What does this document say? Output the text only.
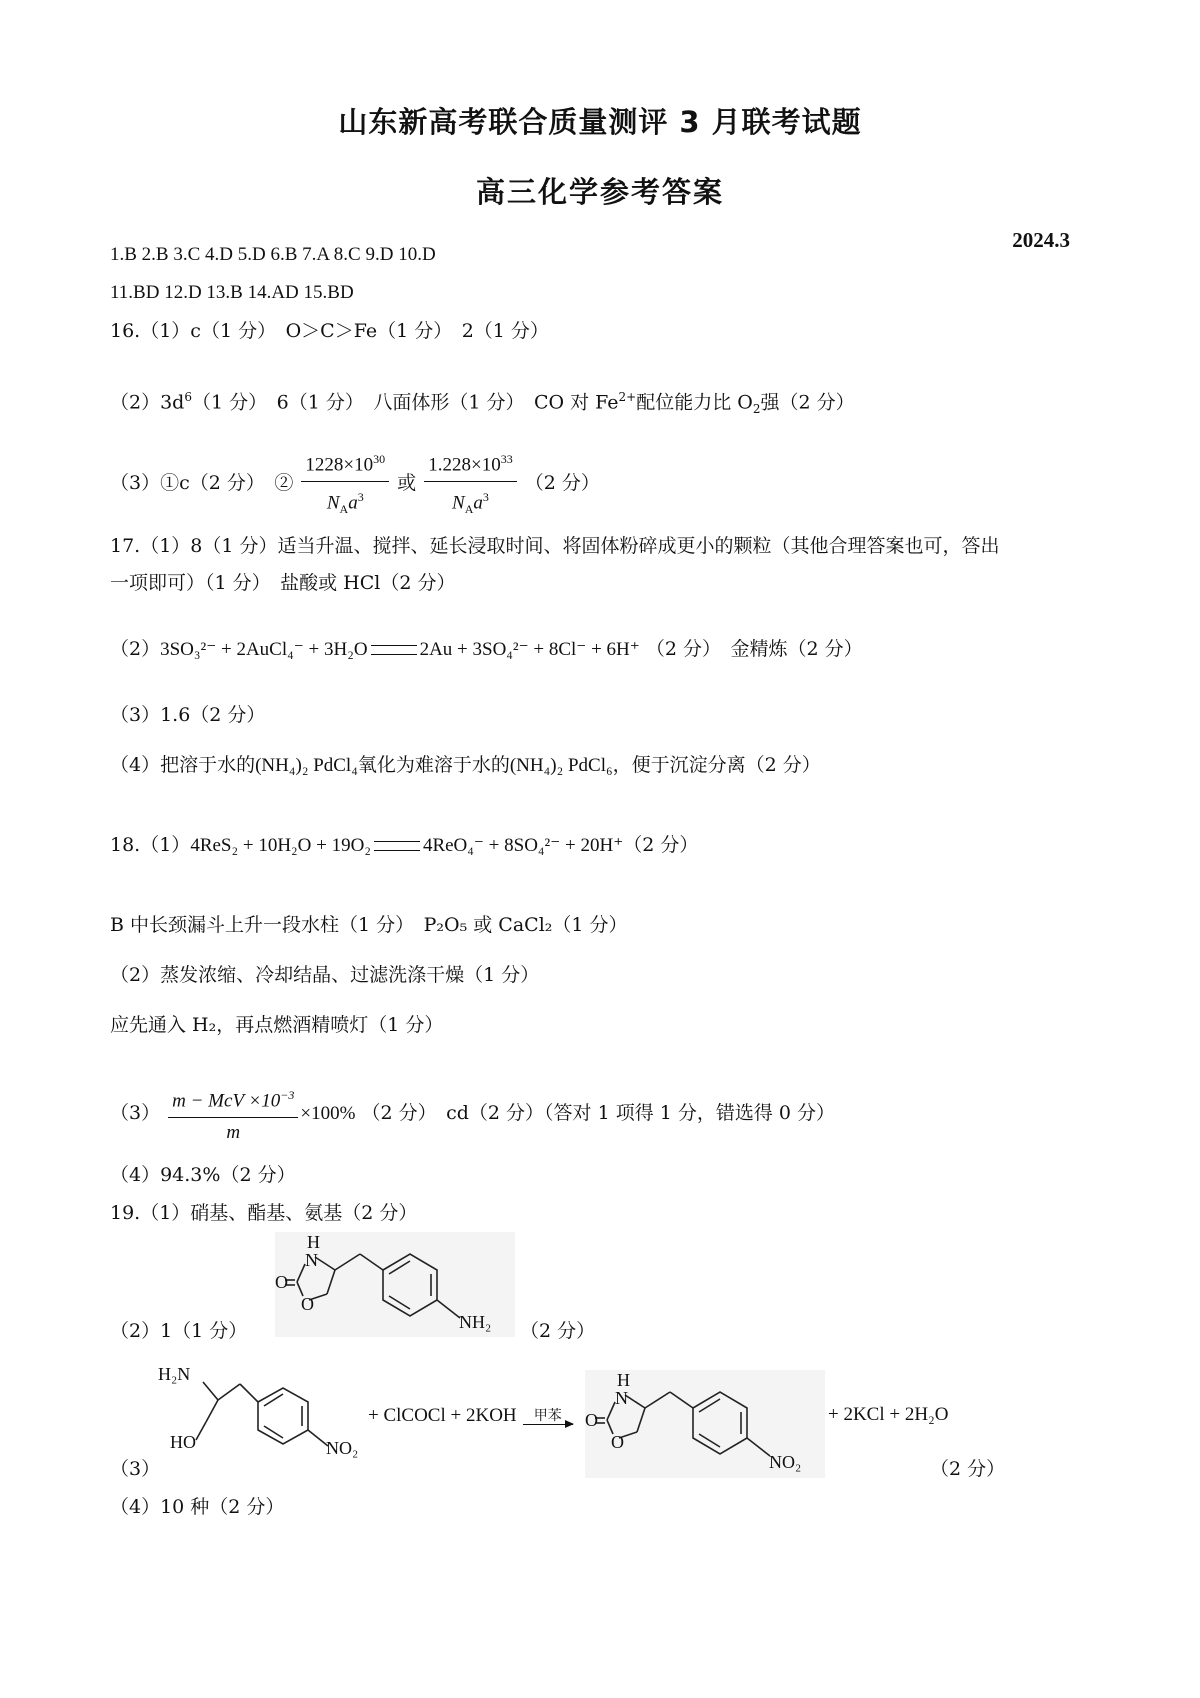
山东新高考联合质量测评 3 月联考试题
高三化学参考答案
2024.3
1.B 2.B 3.C 4.D 5.D 6.B 7.A 8.C 9.D 10.D
11.BD 12.D 13.B 14.AD 15.BD
16.（1）c（1 分）　O＞C＞Fe（1 分）　2（1 分）
$(2)3d^6(1$ 分）　6（1 分）　八面体形（1 分）　CO 对 $Fe^{2+}$配位能力比 $O_2$强（2 分）
（3）①c（2 分）　② $\frac{1228\times 10^{30}}{N_Aa^3}$ 或 $\frac{1.228\times 10^{33}}{N_Aa^3} (2$ 分）
17.（1）8（1 分）适当升温、搅拌、延长浸取时间、将固体粉碎成更小的颗粒（其他合理答案也可，答出
一项即可）（1 分）　盐酸或 HCl（2 分）
（2）3SO₃²⁻ + 2AuCl₄⁻ + 3H₂O	2Au + 3SO₄²⁻ + 8Cl⁻ + 6H⁺ （2 分）　金精炼（2 分）
（3）1.6（2 分）
（4）把溶于水的(NH₄)₂ PdCl₄氧化为难溶于水的(NH₄)₂ PdCl₆，便于沉淀分离（2 分）
18.（1）4ReS₂ + 10H₂O + 19O₂	4ReO₄⁻ + 8SO₄²⁻ + 20H⁺（2 分）
B 中长颈漏斗上升一段水柱（1 分）　P₂O₅ 或 CaCl₂（1 分）
（2）蒸发浓缩、冷却结晶、过滤洗涤干燥（1 分）
应先通入 H₂，再点燃酒精喷灯（1 分）
$(3) \frac{m - McV \times 10^{-3}}{m} \times 100\%$ （2 分）　cd（2 分）（答对 1 项得 1 分，错选得 0 分）
（4）94.3%（2 分）
19.（1）硝基、酯基、氨基（2 分）
H
N
O
O
NH₂
（2）1（1 分）	（2 分）
H₂N
HO	NO₂
+ ClCOCl + 2KOH	甲苯
H
N
O
O
NO₂
+ 2KCl + 2H₂O
（3）	（2 分）
（4）10 种（2 分）
